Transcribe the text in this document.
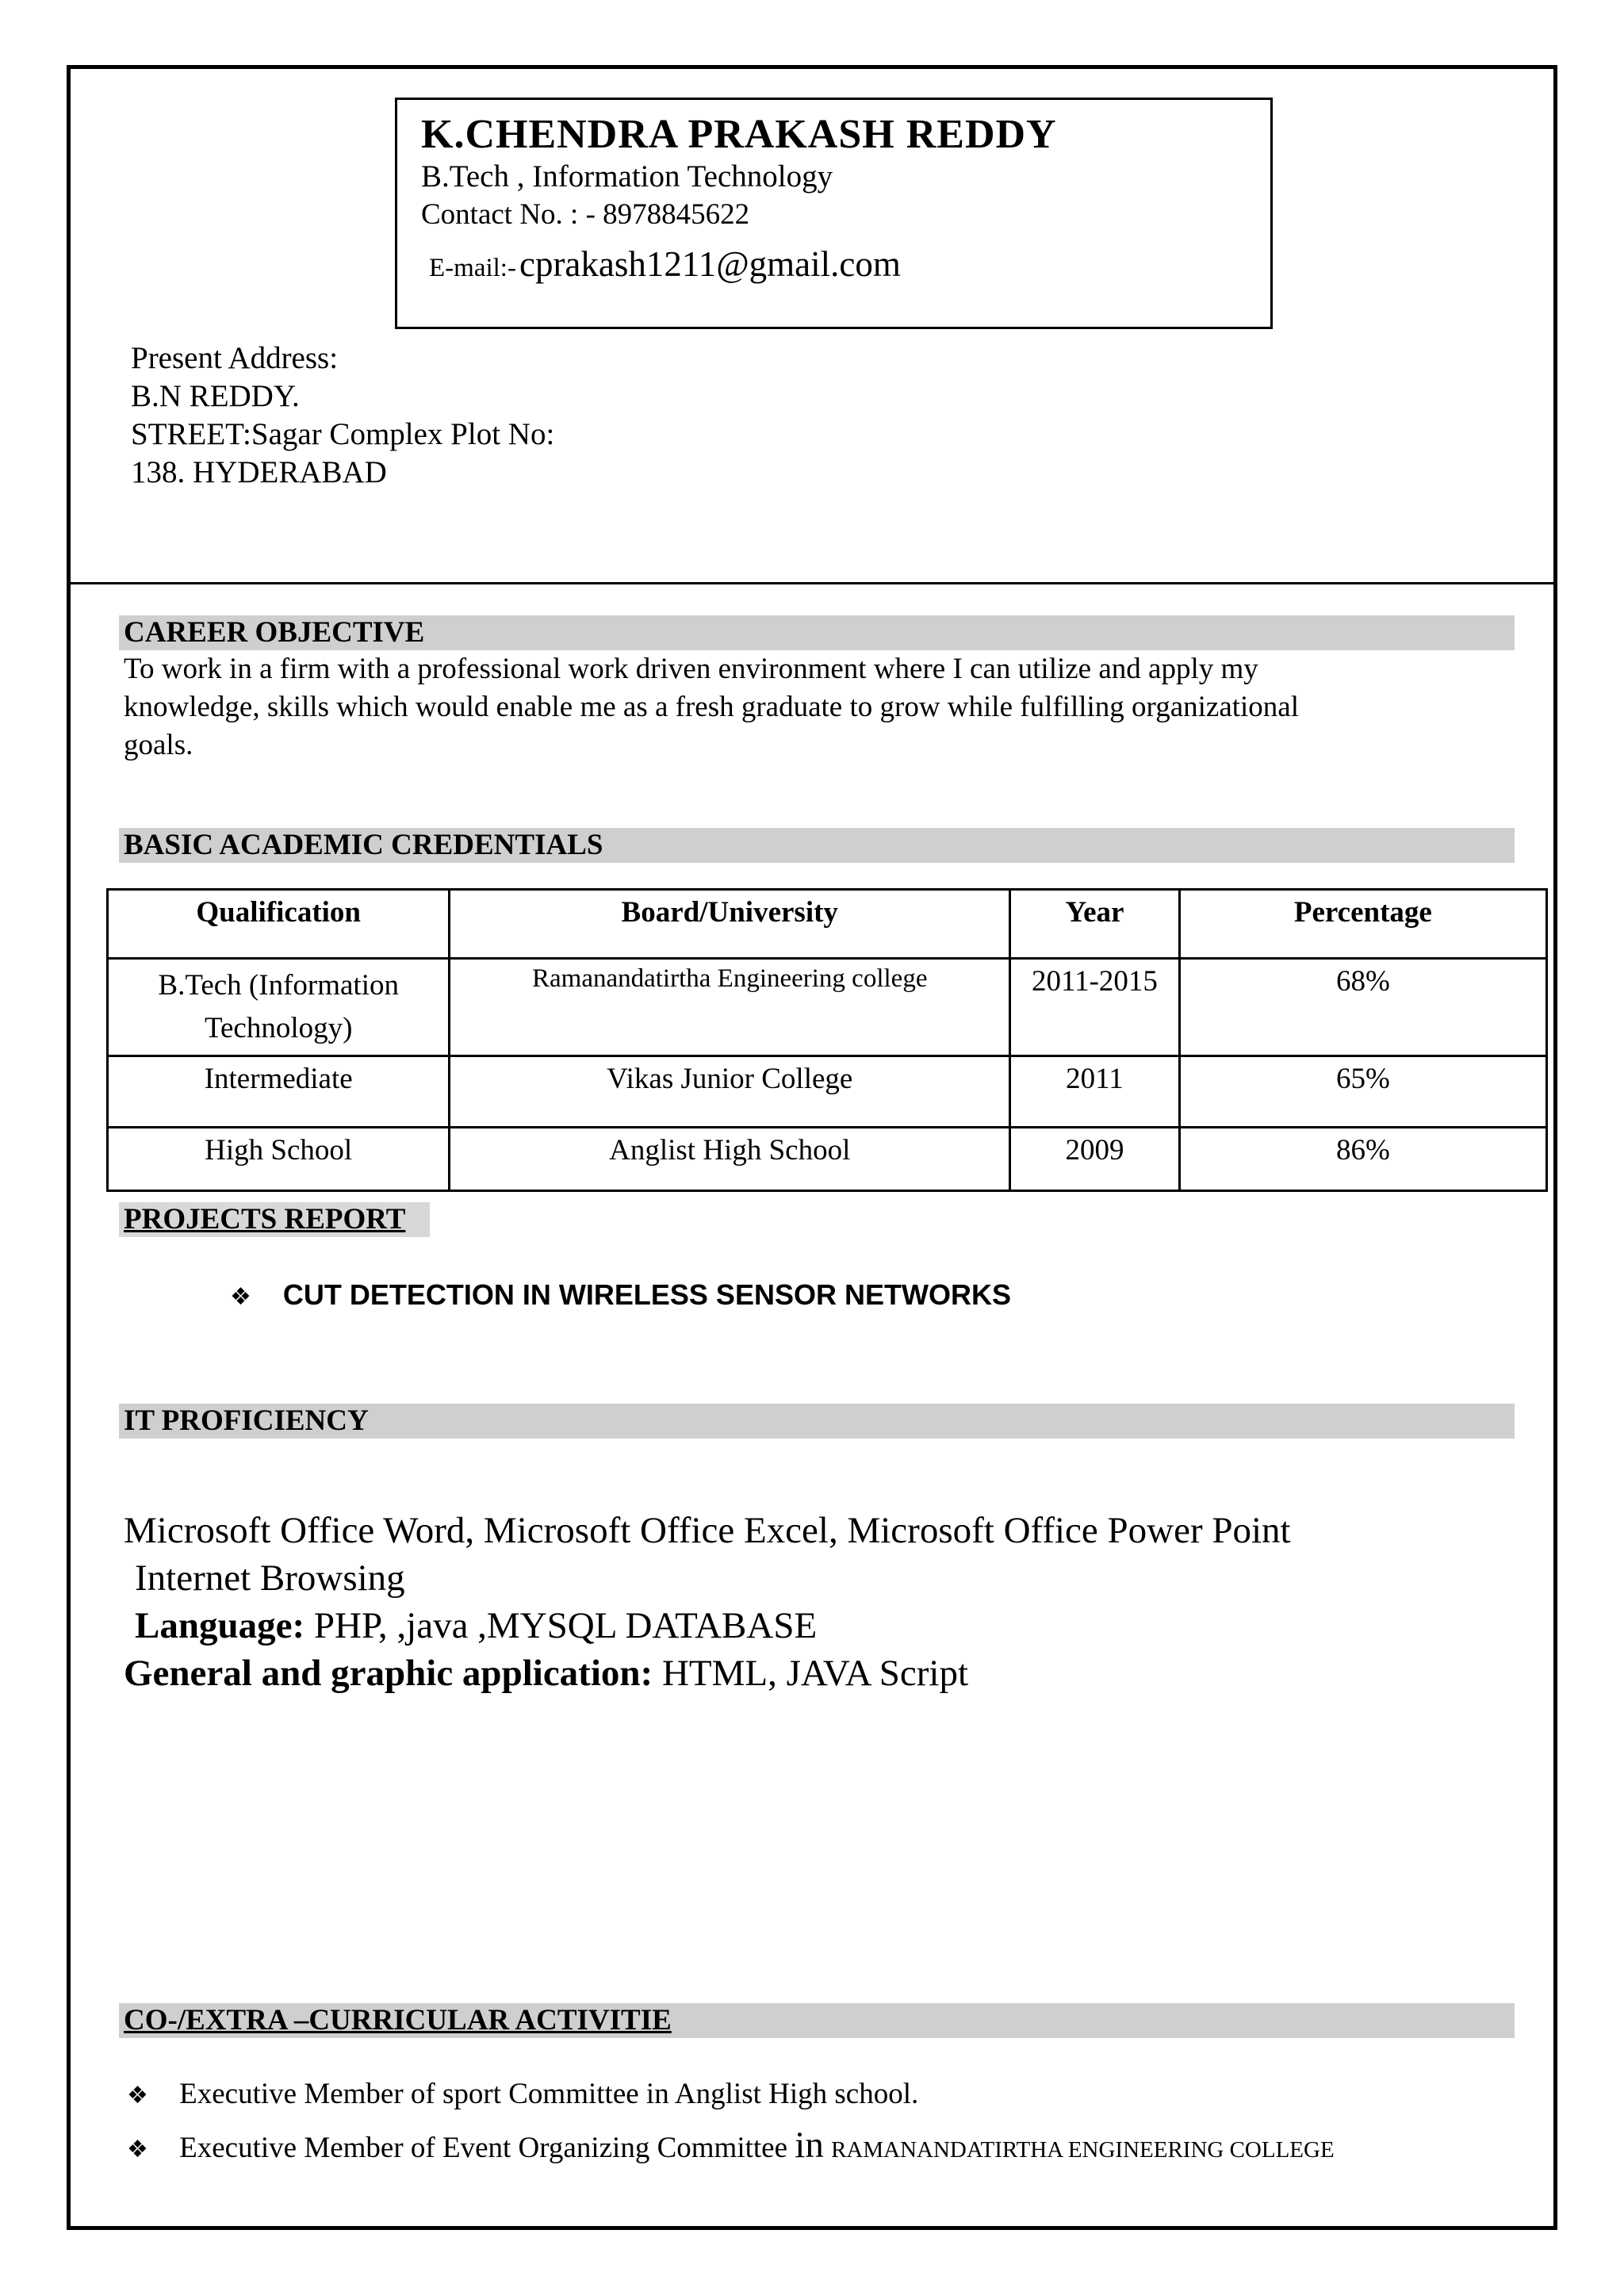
K.CHENDRA PRAKASH REDDY
B.Tech , Information Technology
Contact No. : - 8978845622
E-mail:- cprakash1211@gmail.com
Present Address:
B.N REDDY.
STREET:Sagar Complex Plot No:
138. HYDERABAD
CAREER OBJECTIVE
To work in a firm with a professional work driven environment where I can utilize and apply my
knowledge, skills which would enable me as a fresh graduate to grow while fulfilling organizational
goals.
BASIC ACADEMIC CREDENTIALS
Qualification	Board/University	Year	Percentage
B.Tech (Information Technology)	Ramanandatirtha Engineering college	2011-2015	68%
Intermediate	Vikas Junior College	2011	65%
High School	Anglist High School	2009	86%
PROJECTS REPORT
❖ CUT DETECTION IN WIRELESS SENSOR NETWORKS
IT PROFICIENCY
Microsoft Office Word, Microsoft Office Excel, Microsoft Office Power Point
Internet Browsing
Language: PHP, ,java ,MYSQL DATABASE
General and graphic application: HTML, JAVA Script
CO-/EXTRA –CURRICULAR ACTIVITIE
❖ Executive Member of sport Committee in Anglist High school.
❖ Executive Member of Event Organizing Committee in RAMANANDATIRTHA ENGINEERING COLLEGE
